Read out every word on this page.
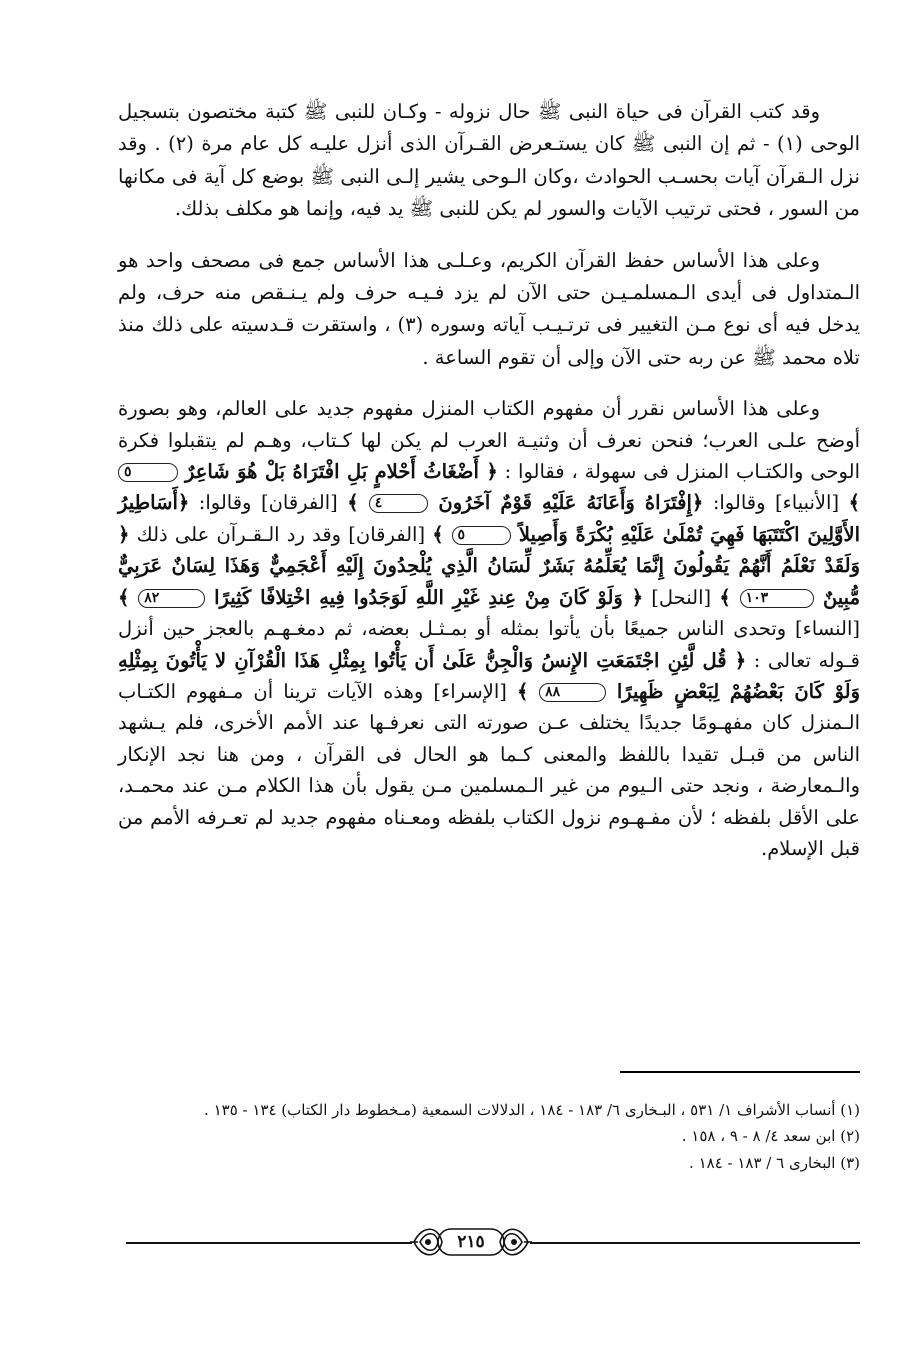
وقد كتب القرآن فى حياة النبى ﷺ حال نزوله - وكـان للنبى ﷺ كتبة مختصون بتسجيل الوحى (١) - ثم إن النبى ﷺ كان يستـعرض القـرآن الذى أنزل عليـه كل عام مرة (٢) . وقد نزل الـقرآن آيات بحسـب الحوادث ،وكان الـوحى يشير إلـى النبى ﷺ بوضع كل آية فى مكانها من السور ، فحتى ترتيب الآيات والسور لم يكن للنبى ﷺ يد فيه، وإنما هو مكلف بذلك.

وعلى هذا الأساس حفظ القرآن الكريم، وعـلـى هذا الأساس جمع فى مصحف واحد هو الـمتداول فى أيدى الـمسلمـيـن حتى الآن لم يزد فـيـه حرف ولم يـنـقص منه حرف، ولم يدخل فيه أى نوع مـن التغيير فى ترتـيـب آياته وسوره (٣) ، واستقرت قـدسيته على ذلك منذ تلاه محمد ﷺ عن ربه حتى الآن وإلى أن تقوم الساعة .

وعلى هذا الأساس نقرر أن مفهوم الكتاب المنزل مفهوم جديد على العالم، وهو بصورة أوضح علـى العرب؛ فنحن نعرف أن وثنيـة العرب لم يكن لها كـتاب، وهـم لم يتقبلوا فكرة الوحى والكتـاب المنزل فى سهولة ، فقالوا : ﴿ أَضْغَاثُ أَحْلامٍ بَلِ افْتَرَاهُ بَلْ هُوَ شَاعِرٌ ٥ ﴾ [الأنبياء] وقالوا: ﴿إِفْتَرَاهُ وَأَعَانَهُ عَلَيْهِ قَوْمٌ آخَرُونَ ٤ ﴾ [الفرقان] وقالوا: ﴿أَسَاطِيرُ الأَوَّلِينَ اكْتَتَبَهَا فَهِيَ تُمْلَىٰ عَلَيْهِ بُكْرَةً وَأَصِيلاً ٥ ﴾ [الفرقان] وقد رد الـقـرآن على ذلك ﴿ وَلَقَدْ نَعْلَمُ أَنَّهُمْ يَقُولُونَ إِنَّمَا يُعَلِّمُهُ بَشَرٌ لِّسَانُ الَّذِي يُلْحِدُونَ إِلَيْهِ أَعْجَمِيٌّ وَهَذَا لِسَانٌ عَرَبِيٌّ مُّبِينٌ ١٠٣ ﴾ [النحل] ﴿ وَلَوْ كَانَ مِنْ عِندِ غَيْرِ اللَّهِ لَوَجَدُوا فِيهِ اخْتِلافًا كَثِيرًا ٨٢ ﴾ [النساء] وتحدى الناس جميعًا بأن يأتوا بمثله أو بمـثـل بعضه، ثم دمغـهـم بالعجز حين أنزل قـوله تعالى : ﴿ قُل لَّئِنِ اجْتَمَعَتِ الإِنسُ وَالْجِنُّ عَلَىٰ أَن يَأْتُوا بِمِثْلِ هَذَا الْقُرْآنِ لا يَأْتُونَ بِمِثْلِهِ وَلَوْ كَانَ بَعْضُهُمْ لِبَعْضٍ ظَهِيرًا ٨٨ ﴾ [الإسراء] وهذه الآيات ترينا أن مـفهوم الكتـاب الـمنزل كان مفهـومًا جديدًا يختلف عـن صورته التى نعرفـها عند الأمم الأخرى، فلم يـشهد الناس من قبـل تقيدا باللفظ والمعنى كـما هو الحال فى القرآن ، ومن هنا نجد الإنكار والـمعارضة ، ونجد حتى الـيوم من غير الـمسلمين مـن يقول بأن هذا الكلام مـن عند محمـد، على الأقل بلفظه ؛ لأن مفـهـوم نزول الكتاب بلفظه ومعـناه مفهوم جديد لم تعـرفه الأمم من قبل الإسلام.

(١) أنساب الأشراف ١/ ٥٣١ ، البـخارى ٦/ ١٨٣ - ١٨٤ ، الدلالات السمعية (مـخطوط دار الكتاب) ١٣٤ - ١٣٥ .
(٢) ابن سعد ٤/ ٨ - ٩ ، ١٥٨ .
(٣) البخارى ٦ / ١٨٣ - ١٨٤ .
٢١٥
